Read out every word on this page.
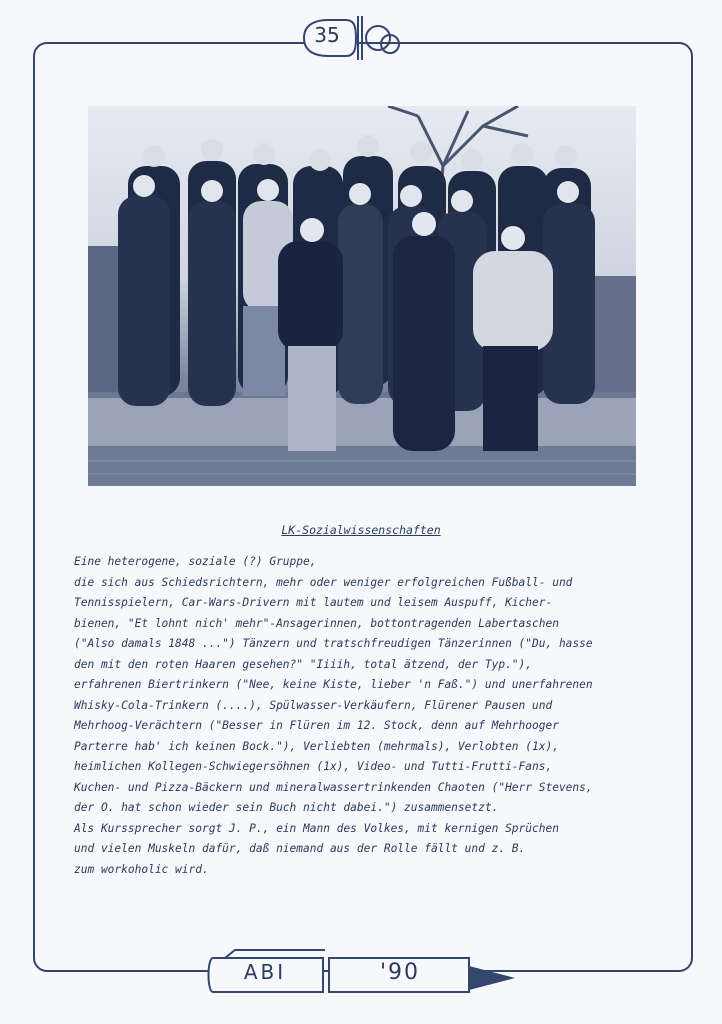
35
LK-Sozialwissenschaften
Eine heterogene, soziale (?) Gruppe,
die sich aus Schiedsrichtern, mehr oder weniger erfolgreichen Fußball- und
Tennisspielern, Car-Wars-Drivern mit lautem und leisem Auspuff, Kicher-
bienen, "Et lohnt nich' mehr"-Ansagerinnen, bottontragenden Labertaschen
("Also damals 1848 ...") Tänzern und tratschfreudigen Tänzerinnen ("Du, hasse
den mit den roten Haaren gesehen?" "Iiiih, total ätzend, der Typ."),
erfahrenen Biertrinkern ("Nee, keine Kiste, lieber 'n Faß.") und unerfahrenen
Whisky-Cola-Trinkern (....), Spülwasser-Verkäufern, Flürener Pausen und
Mehrhoog-Verächtern ("Besser in Flüren im 12. Stock, denn auf Mehrhooger
Parterre hab' ich keinen Bock."), Verliebten (mehrmals), Verlobten (1x),
heimlichen Kollegen-Schwiegersöhnen (1x), Video- und Tutti-Frutti-Fans,
Kuchen- und Pizza-Bäckern und mineralwassertrinkenden Chaoten ("Herr Stevens,
der O. hat schon wieder sein Buch nicht dabei.") zusammensetzt.
Als Kurssprecher sorgt J. P., ein Mann des Volkes, mit kernigen Sprüchen
und vielen Muskeln dafür, daß niemand aus der Rolle fällt und z. B.
zum workoholic wird.
ABI	'90
